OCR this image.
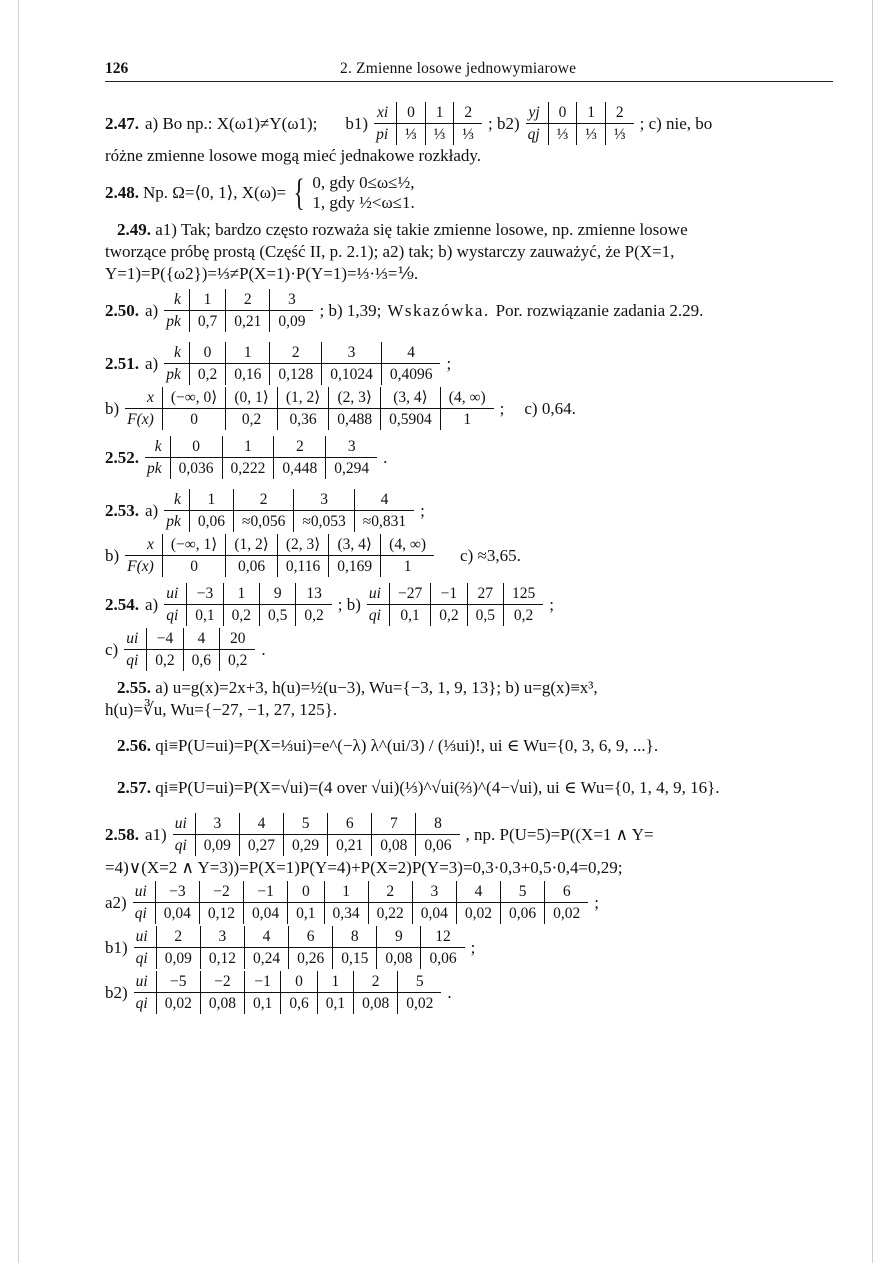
126	2. Zmienne losowe jednowymiarowe
2.47. a) Bo np.: X(ω1)≠Y(ω1); b1)
xi	0	1	2
pi	⅓	⅓	⅓
; b2)
yj	0	1	2
qj	⅓	⅓	⅓
; c) nie, bo
różne zmienne losowe mogą mieć jednakowe rozkłady.
2.48. Np. Ω=⟨0, 1⟩, X(ω)= { 0, gdy 0≤ω≤½,
1, gdy ½<ω≤1.
2.49. a1) Tak; bardzo często rozważa się takie zmienne losowe, np. zmienne losowe
tworzące próbę prostą (Część II, p. 2.1); a2) tak; b) wystarczy zauważyć, że P(X=1,
Y=1)=P({ω2})=⅓≠P(X=1)·P(Y=1)=⅓·⅓=⅑.
2.50. a)
k	1	2	3
pk	0,7	0,21	0,09
; b) 1,39; Wskazówka. Por. rozwiązanie zadania 2.29.
2.51. a)
k	0	1	2	3	4
pk	0,2	0,16	0,128	0,1024	0,4096
;
b)
x	(−∞, 0⟩	(0, 1⟩	(1, 2⟩	(2, 3⟩	(3, 4⟩	(4, ∞)
F(x)	0	0,2	0,36	0,488	0,5904	1
; c) 0,64.
2.52.
k	0	1	2	3
pk	0,036	0,222	0,448	0,294
.
2.53. a)
k	1	2	3	4
pk	0,06	≈0,056	≈0,053	≈0,831
;
b)
x	(−∞, 1⟩	(1, 2⟩	(2, 3⟩	(3, 4⟩	(4, ∞)
F(x)	0	0,06	0,116	0,169	1
c) ≈3,65.
2.54. a)
ui	−3	1	9	13
qi	0,1	0,2	0,5	0,2
; b)
ui	−27	−1	27	125
qi	0,1	0,2	0,5	0,2
;
c)
ui	−4	4	20
qi	0,2	0,6	0,2
.
2.55. a) u=g(x)=2x+3, h(u)=½(u−3), Wu={−3, 1, 9, 13}; b) u=g(x)≡x³,
h(u)=∛u, Wu={−27, −1, 27, 125}.
2.56. qi≡P(U=ui)=P(X=⅓ui)=e^(−λ) λ^(ui/3) / (⅓ui)!, ui ∈ Wu={0, 3, 6, 9, ...}.
2.57. qi≡P(U=ui)=P(X=√ui)=(4 over √ui)(⅓)^√ui(⅔)^(4−√ui), ui ∈ Wu={0, 1, 4, 9, 16}.
2.58. a1)
ui	3	4	5	6	7	8
qi	0,09	0,27	0,29	0,21	0,08	0,06
, np. P(U=5)=P((X=1 ∧ Y=
=4)∨(X=2 ∧ Y=3))=P(X=1)P(Y=4)+P(X=2)P(Y=3)=0,3·0,3+0,5·0,4=0,29;
a2)
ui	−3	−2	−1	0	1	2	3	4	5	6
qi	0,04	0,12	0,04	0,1	0,34	0,22	0,04	0,02	0,06	0,02
;
b1)
ui	2	3	4	6	8	9	12
qi	0,09	0,12	0,24	0,26	0,15	0,08	0,06
;
b2)
ui	−5	−2	−1	0	1	2	5
qi	0,02	0,08	0,1	0,6	0,1	0,08	0,02
.
